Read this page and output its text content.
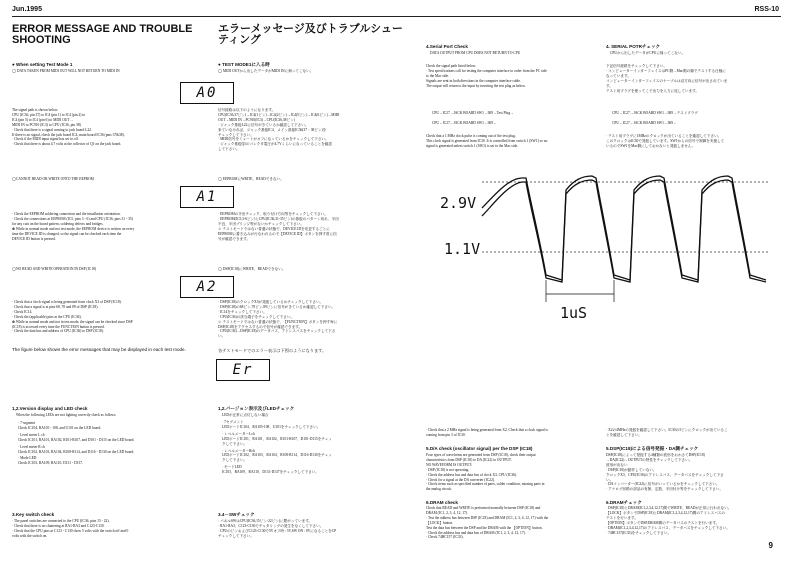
Jun.1995	RSS-10
ERROR MESSAGE AND TROUBLE
SHOOTING
エラーメッセージ及びトラブルシュー
ティング
● When setting Test Mode 1
◯ DATA TAKEN FROM MIDI OUT WILL NOT RETURN TO MIDI IN
A0

The signal path is shown below.

CPU (IC36, pin 37) to IC4 (pin 1) to IC4 (pin 2) to

IC4 (pin 5) to IC4 (pin 6) to MIDI OUT→

MIDI IN to PC910 (IC3) to CPU (IC36, pin 38)

· Check that there is a signal coming to jack board L22.

If there is no signal, check the jack board IC4, main board IC36 (pins 37&38).

· Check if the MIDI input signal has set to off.

· Check that there is about 4.7 volts at the collector of Q1 on the jack board.

◯CANNOT READ OR WRITE ONTO THE EEPROM
A1

· Check the EEPROM soldering connection and the installation orientation.

· Check the connections at EEPROM (IC5, pins 3 - 6) and CPU (IC36, pins 31 - 35)

for any cuts on the board pattern, soldering defects and bridges.

✽ While in normal mode and not test mode, the EEPROM device is written on every

time the DEVICE ID is changed, so the signal can be checked each time the

DEVICE ID button is pressed.

◯NO READ AND WRITE OPERATION IN DSP (IC18)
A2

· Check that a clock signal is being generated from clock X3 of DSP (IC18).

· Check that a signal is at pins 68, 78 and 89 of DSP (IC18).

· Check IC14.

· Check the (applicable) pins at the CPU (IC36).

✽ While in normal mode and not in test mode, the signal can be checked since DSP

(IC18) is accessed every time the FUNCTION button is pressed.

· Check the data bus and address of CPU (IC36) to DSP (IC18).

The figure below shows the error messages that may be displayed in each test mode.
Er
1,2.Version display and LED check
When the following LEDs are not lighting correctly check as follows.

· 7-segment

Check IC104, RA105 - 108, and U101 on the LED board.

· Level meter L ch

Check IC101, RA101, RA102, R101-R107, and D101 - D115 on the LED board.

· Level meter R ch

Check IC102, RA103, RA104, R108-R114, and D116 - D130 on the LED board.

· Mode LED

Check IC103, RA109, RA110, D131 - D137.

3.Key switch check

· The panel switches are connected to the CPU (IC36, pins 15 - 22).

· Check that there is no chattering at RA1-RA3 and C123-C130.

· Check that the CPU pins at C123 - C130 show 5 volts with the switch off and 0

volts with the switch on.

● TEST MODE1に入る時
◯ MIDI OUTから出したデータがMIDI INに帰ってこない。

信号経路は以下のようになります。

CPU(IC36,37ピン)→IC4(1ピン)→IC4(2ピン)→IC4(5ピン)→IC4(6ピン)→MIDI

OUT→MIDI IN→PC910(IC3)→CPU(IC36,38ピン)

· ジャック基板L22に信号がきているか確認して下さい。

来ていなければ、ジャック基板IC4、メイン基板IC36(37・38ピン)を

チェックして下さい。

· MIDI信号をミュートがオフになっているかをチェックして下さい。

· ジャック基板Q1のコレクタ電圧が4.7Vくらいになっていることを確認

して下さい。

◯ EEPROMにWRITE、READできない。

· EEPROMの半田チェック、取り付け方向等をチェックして下さい。

· EEPROM(IC5,3-6ピン)とCPU(IC36,31-35ピン)の基板のパターン切れ、半田

不良、半田ブリッジ等がないかチェックして下さい。

✽ テストモードではない普通の状態で、DEVICE IDを変更するごとに

EEPROMに書き込みが行なわれるので【DEVICE ID】ボタンを押す度に信

号が確認できます。

◯ DSP(IC18)にWRITE、READできない。

· DSP(IC18)のクロックX3が発振しているかチェックして下さい。

· DSP(IC18)の68ピン,78ピン,89ピンに信号がきているか確認して下さい。

· IC14をチェックして下さい。

· CPU(IC36)の該当端子をチェックして下さい。

✽ テストモードではない普通の状態で、【FUNCTION】ボタンを押す毎に

DSP(IC18)をアクセスするので信号が確認できます。

· CPU(IC36)→DSP(IC18)のデータバス、アドレスバスをチェックして下さ

い。

各テストモードでのエラー表示は下図のようになります。
1,2.バージョン表示及びLEDチェック
LEDが正常に点灯しない場合

· 7セグメント

LEDボードIC104、RA105-108、U101をチェックして下さい。

· レベルメーターLch

LEDボードIC101、RA101、RA102、R101-R107、D101-D115をチェッ

クして下さい。

· レベルメーターRch

LEDボードIC102、RA103、RA104、R108-R114、D116-D130をチェッ

クして下さい。

· モードLED

IC103、RA109、RA110、D131-D137をチェックして下さい。

3.4－SWチェック

· パネルSWはCPU(IC36,15ピン-22ピン)に繋がっています。

· RA1-RA3、C123-C130でチャタリングの発生をなくして下さい。

· CPUのピンおよびC123-C130で5Vオフ時 : 5V,SW ON : 0VになることをCP

チェックして下さい。

4.Serial Port Check
DATA OUTPUT FROM CPU DOES NOT RETURN TO CPU

Check the signal path listed below.

· Test specifications call for testing the computer interface to order from the PC side

to the Mac side.

Signals are sent in both directions in the computer interface cable.

The output will return to the input by inserting the test plug as below.

CPU→IC27→JACK BOARD SW1→IK9→Test Plug→
CPU←IC27←JACK BOARD SW1←IK9←

Check that a 1 MHz clock pulse is coming out of the test plug.

This clock signal is generated from IC30. It is controlled from switch 1 (SW1) so no

signal is generated unless switch 1 (SW1) is set to the Mac side.

2.9V
1.1V
1uS

· Check that a 2 MHz signal is being generated from X2. Check that a clock signal is

coming from pin 3 of IC30.

5.D/A check (oscillator signal) per the DSP (IC18)

Four types of waveforms are generated from DSP (IC18), check their output

characteristics from DSP (IC18) to DA (IC22) to OUTPUT.

NO WAVEFORM IS OUTPUT:

· DSP (IC18) is not operating.

· Check the address bus and data bus of clock X3, CPU (IC36).

· Check for a signal at the DA converter (IC22).

· Check items such as specified number of parts, solder condition, missing parts in

the analog circuit.

6.DRAM check

Check that READ and WRITE is performed normally between DSP (IC18) and

DRAM (IC1, 2, 3, 4, 12, 17).

· Test the address bus between DSP (IC18) and DRAM (IC1, 2, 3, 4, 12, 17) with the

【LOCK】button.

Test the data bus between the DSP and the DRAM with the 【OPTION】button.

· Check the address bus and data bus of DRAM (IC1, 2, 3, 4, 12, 17).

· Check 74HC157 (IC33).

4. SERIAL POTRチェック
CPUから出したデータがCPUに帰ってこない。

下記信号経路をチェックして下さい。

· コンピューターインターフェイスはPC側→Mac側の順でテストする仕様に

なっています。

コンピューターインターフェイスのケーブルは双方向に信号が出されていま

す。

テスト用プラグを使ってこで出力を入力に返しています。

CPU→IC27→JACK BOARD SW1→IK9→テストプラグ
CPU←IC27←JACK BOARD SW1←IK9←

· テスト用プラグに1MHzのクロックが出ていることを確認して下さい。

このクロックはIC30で発振しています。SW1からの信号で制御を実施して

いるのでSW1をMac側にしておかないと発振しません。

· X2の4MHzの発振を確認して下さい。IC30の3ピンにクロックが出ているこ

とを確認して下さい。

5.DSP(IC18)による信号発振・DA調チェック

DSP(IC18)によって発振する4種類の波形をおかさてDSP(IC18)

→DA(IC22)→OUTPUTの特性をチェックして下さい。

波形が出ない

· DSP(IC18)が動作していない。

クロックX3、CPU(IC36)のアドレスバス、データバスをチェックして下さ

い。

· DAコンバーター(IC22)に信号がいっているかをチェックして下さい。

· アナログ回路の部品の有無、定数、半田付け等をチェックして下さい。

6.DRAMチェック

· DSP(IC18)とDRAM(IC1,2,3,4,12,17)間でWRITE、READが正常に行われない。

【LOCK】ボタンでDSP(IC18)とDRAM(IC1,2,3,4,12,17)間のアドレスバスの

テストを行います。

【OPTION】ボタンでDSP,DRAM間のデータバスのテストを行います。

· DRAM(IC1,2,3,4,12,17)のアドレスバス、データバスをチェックして下さい。

· 74HC157(IC33)をチェックして下さい。

9
